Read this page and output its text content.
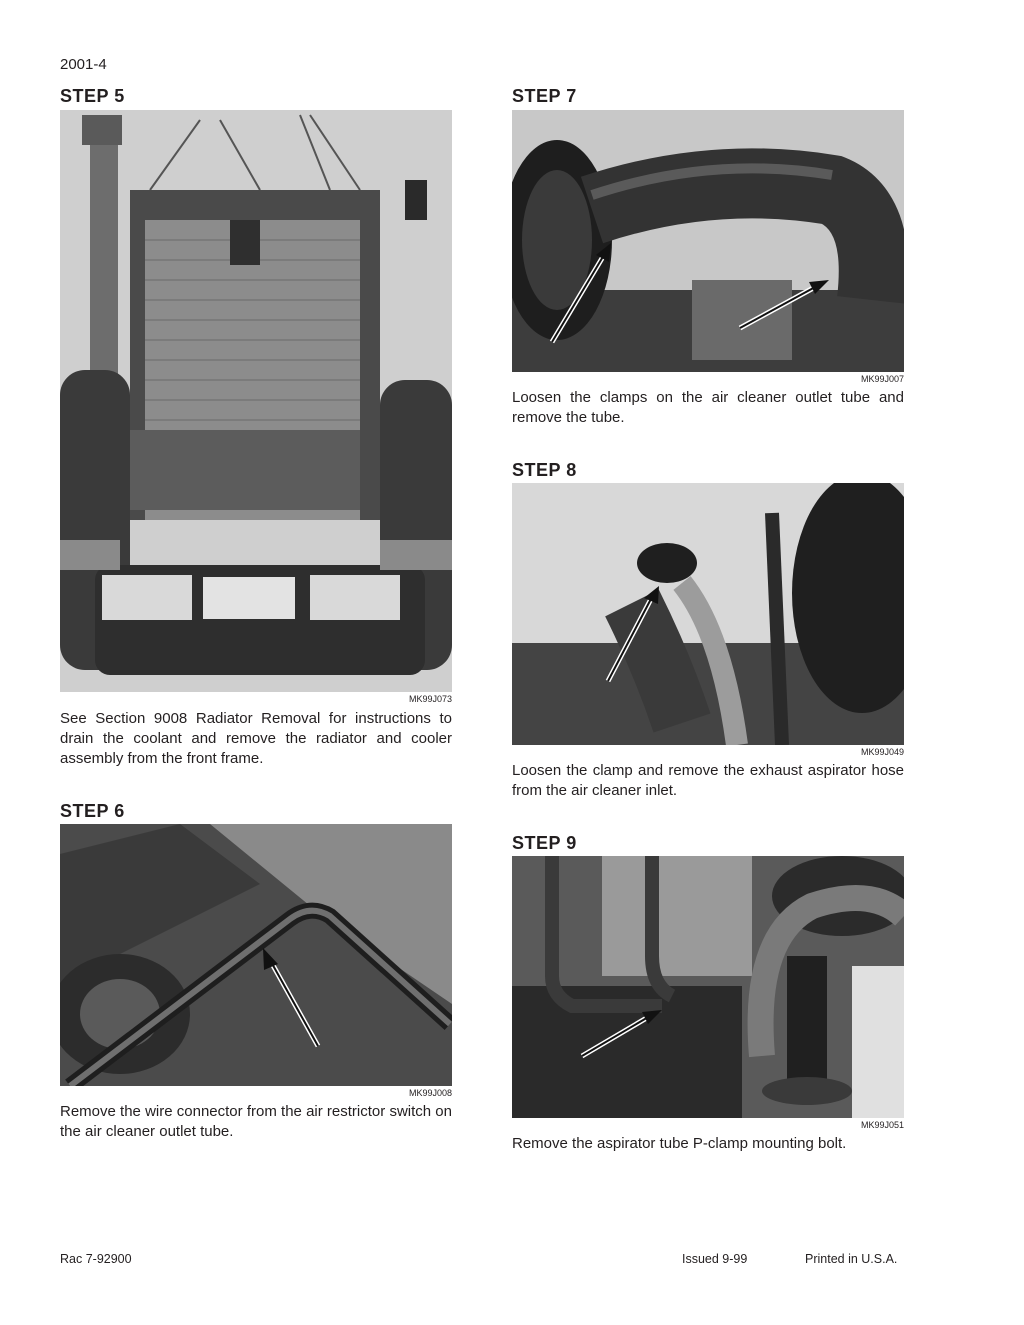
2001-4
STEP 5
MK99J073
See Section 9008 Radiator Removal for instructions to drain the coolant and remove the radiator and cooler assembly from the front frame.
STEP 6
MK99J008
Remove the wire connector from the air restrictor switch on the air cleaner outlet tube.
STEP 7
MK99J007
Loosen the clamps on the air cleaner outlet tube and remove the tube.
STEP 8
MK99J049
Loosen the clamp and remove the exhaust aspirator hose from the air cleaner inlet.
STEP 9
MK99J051
Remove the aspirator tube P-clamp mounting bolt.
Rac 7-92900	Issued 9-99	Printed in U.S.A.
